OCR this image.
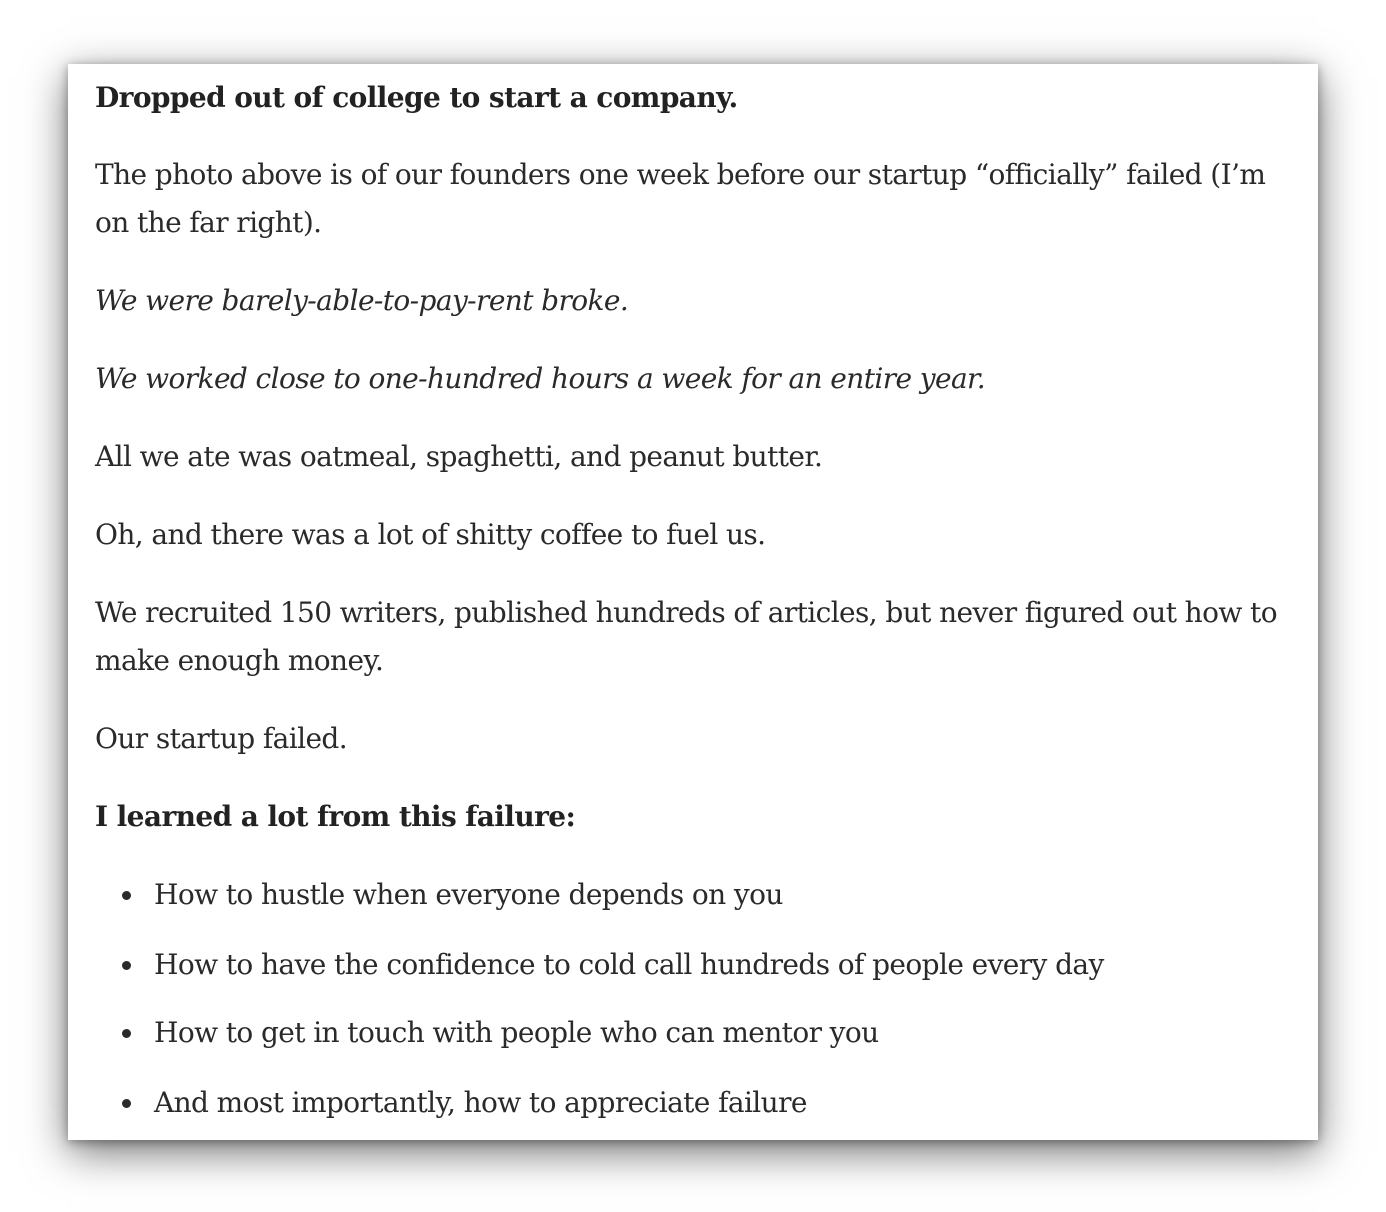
Dropped out of college to start a company.

The photo above is of our founders one week before our startup “officially” failed (I’m

on the far right).

We were barely-able-to-pay-rent broke.

We worked close to one-hundred hours a week for an entire year.

All we ate was oatmeal, spaghetti, and peanut butter.

Oh, and there was a lot of shitty coffee to fuel us.

We recruited 150 writers, published hundreds of articles, but never figured out how to

make enough money.

Our startup failed.

I learned a lot from this failure:

How to hustle when everyone depends on you
How to have the confidence to cold call hundreds of people every day
How to get in touch with people who can mentor you
And most importantly, how to appreciate failure
